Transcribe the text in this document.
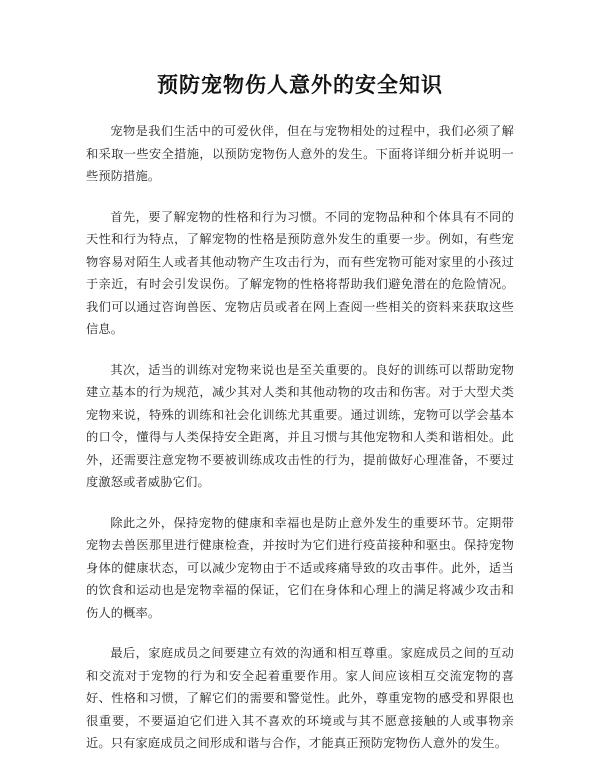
预防宠物伤人意外的安全知识

宠物是我们生活中的可爱伙伴，但在与宠物相处的过程中，我们必须了解和采取一些安全措施，以预防宠物伤人意外的发生。下面将详细分析并说明一些预防措施。

首先，要了解宠物的性格和行为习惯。不同的宠物品种和个体具有不同的天性和行为特点，了解宠物的性格是预防意外发生的重要一步。例如，有些宠物容易对陌生人或者其他动物产生攻击行为，而有些宠物可能对家里的小孩过于亲近，有时会引发误伤。了解宠物的性格将帮助我们避免潜在的危险情况。我们可以通过咨询兽医、宠物店员或者在网上查阅一些相关的资料来获取这些信息。

其次，适当的训练对宠物来说也是至关重要的。良好的训练可以帮助宠物建立基本的行为规范，减少其对人类和其他动物的攻击和伤害。对于大型犬类宠物来说，特殊的训练和社会化训练尤其重要。通过训练，宠物可以学会基本的口令，懂得与人类保持安全距离，并且习惯与其他宠物和人类和谐相处。此外，还需要注意宠物不要被训练成攻击性的行为，提前做好心理准备，不要过度激怒或者威胁它们。

除此之外，保持宠物的健康和幸福也是防止意外发生的重要环节。定期带宠物去兽医那里进行健康检查，并按时为它们进行疫苗接种和驱虫。保持宠物身体的健康状态，可以减少宠物由于不适或疼痛导致的攻击事件。此外，适当的饮食和运动也是宠物幸福的保证，它们在身体和心理上的满足将减少攻击和伤人的概率。

最后，家庭成员之间要建立有效的沟通和相互尊重。家庭成员之间的互动和交流对于宠物的行为和安全起着重要作用。家人间应该相互交流宠物的喜好、性格和习惯，了解它们的需要和警觉性。此外，尊重宠物的感受和界限也很重要，不要逼迫它们进入其不喜欢的环境或与其不愿意接触的人或事物亲近。只有家庭成员之间形成和谐与合作，才能真正预防宠物伤人意外的发生。
